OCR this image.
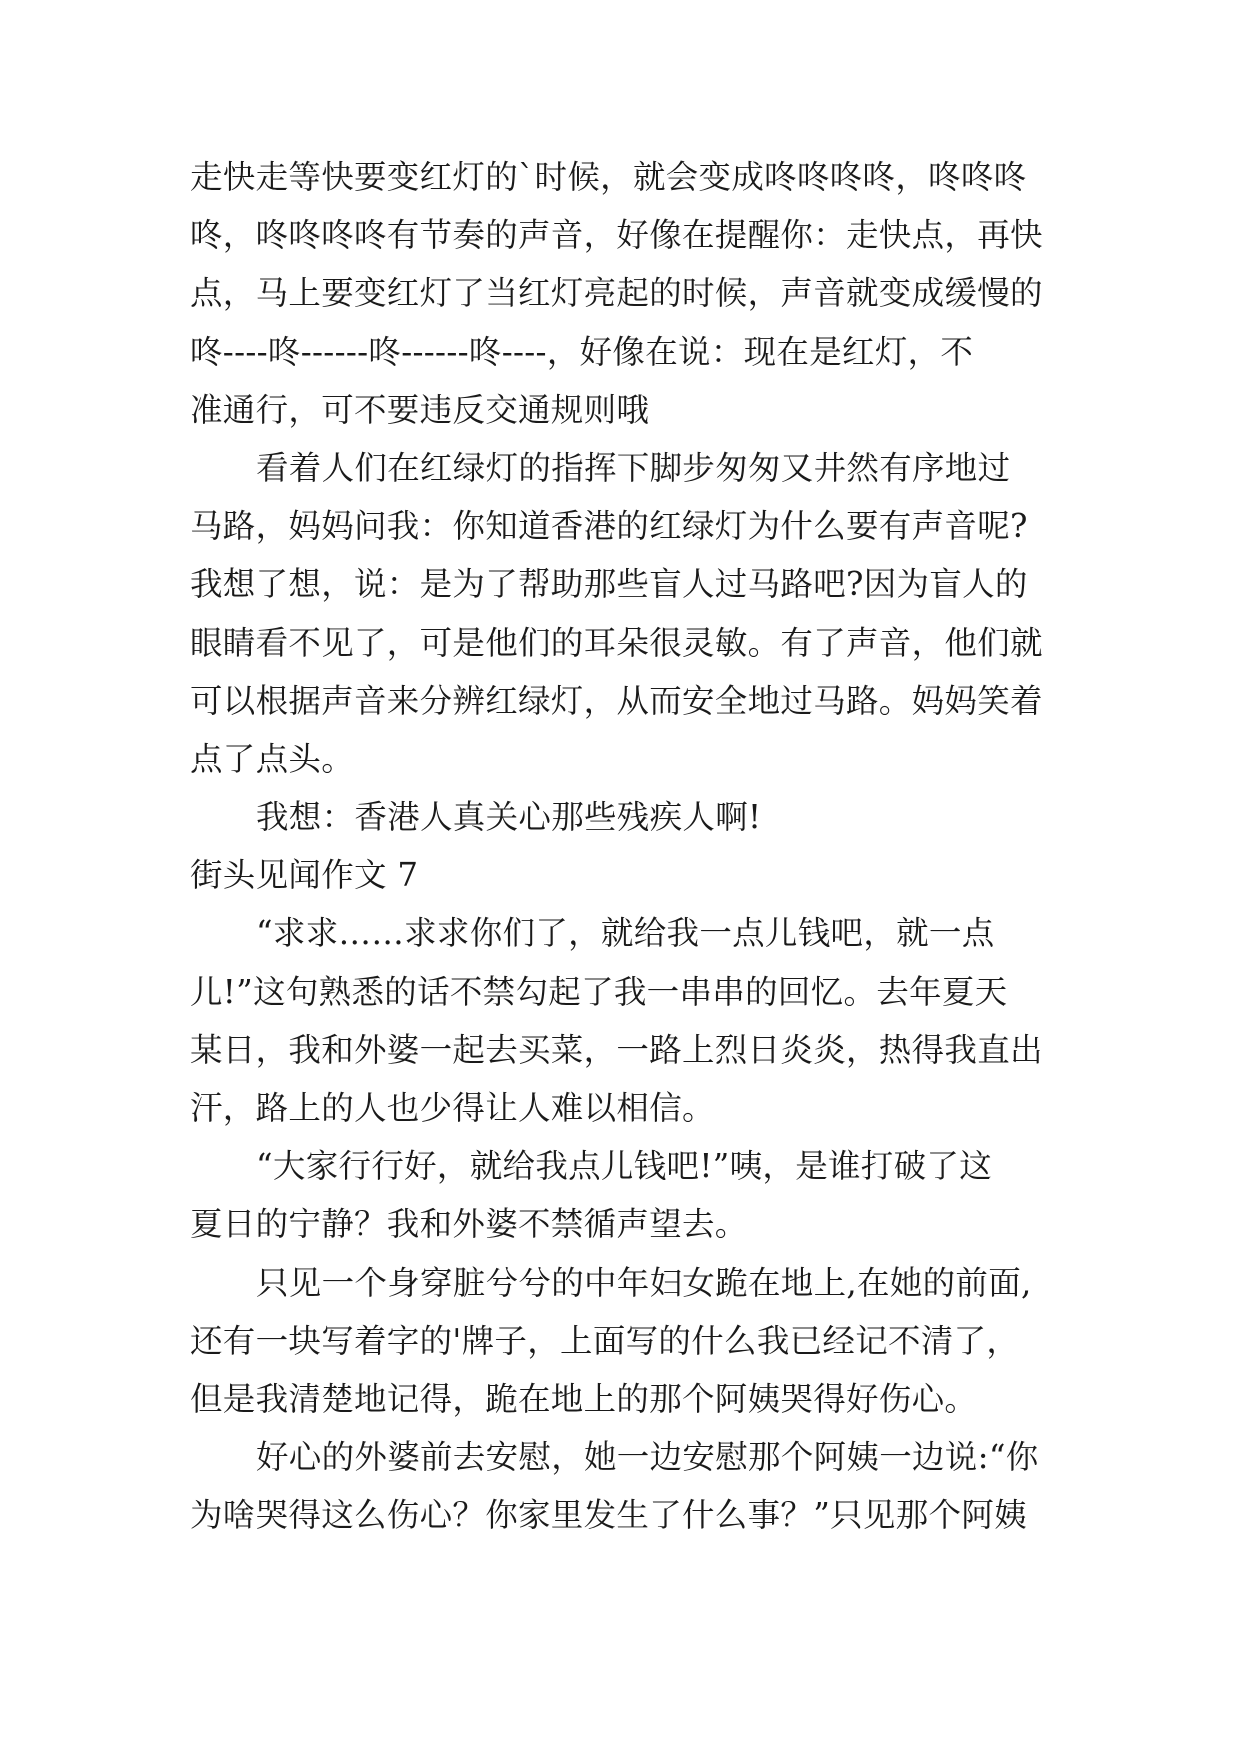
走快走等快要变红灯的`时候，就会变成咚咚咚咚，咚咚咚
咚，咚咚咚咚有节奏的声音，好像在提醒你：走快点，再快
点，马上要变红灯了当红灯亮起的时候，声音就变成缓慢的
咚----咚------咚------咚----，好像在说：现在是红灯，不
准通行，可不要违反交通规则哦
看着人们在红绿灯的指挥下脚步匆匆又井然有序地过
马路，妈妈问我：你知道香港的红绿灯为什么要有声音呢?
我想了想，说：是为了帮助那些盲人过马路吧?因为盲人的
眼睛看不见了，可是他们的耳朵很灵敏。有了声音，他们就
可以根据声音来分辨红绿灯，从而安全地过马路。妈妈笑着
点了点头。
我想：香港人真关心那些残疾人啊!
街头见闻作文 7
“求求……求求你们了，就给我一点儿钱吧，就一点
儿!”这句熟悉的话不禁勾起了我一串串的回忆。去年夏天
某日，我和外婆一起去买菜，一路上烈日炎炎，热得我直出
汗，路上的人也少得让人难以相信。
“大家行行好，就给我点儿钱吧!”咦，是谁打破了这
夏日的宁静？我和外婆不禁循声望去。
只见一个身穿脏兮兮的中年妇女跪在地上,在她的前面,
还有一块写着字的'牌子，上面写的什么我已经记不清了，
但是我清楚地记得，跪在地上的那个阿姨哭得好伤心。
好心的外婆前去安慰，她一边安慰那个阿姨一边说:“你
为啥哭得这么伤心？你家里发生了什么事？”只见那个阿姨
